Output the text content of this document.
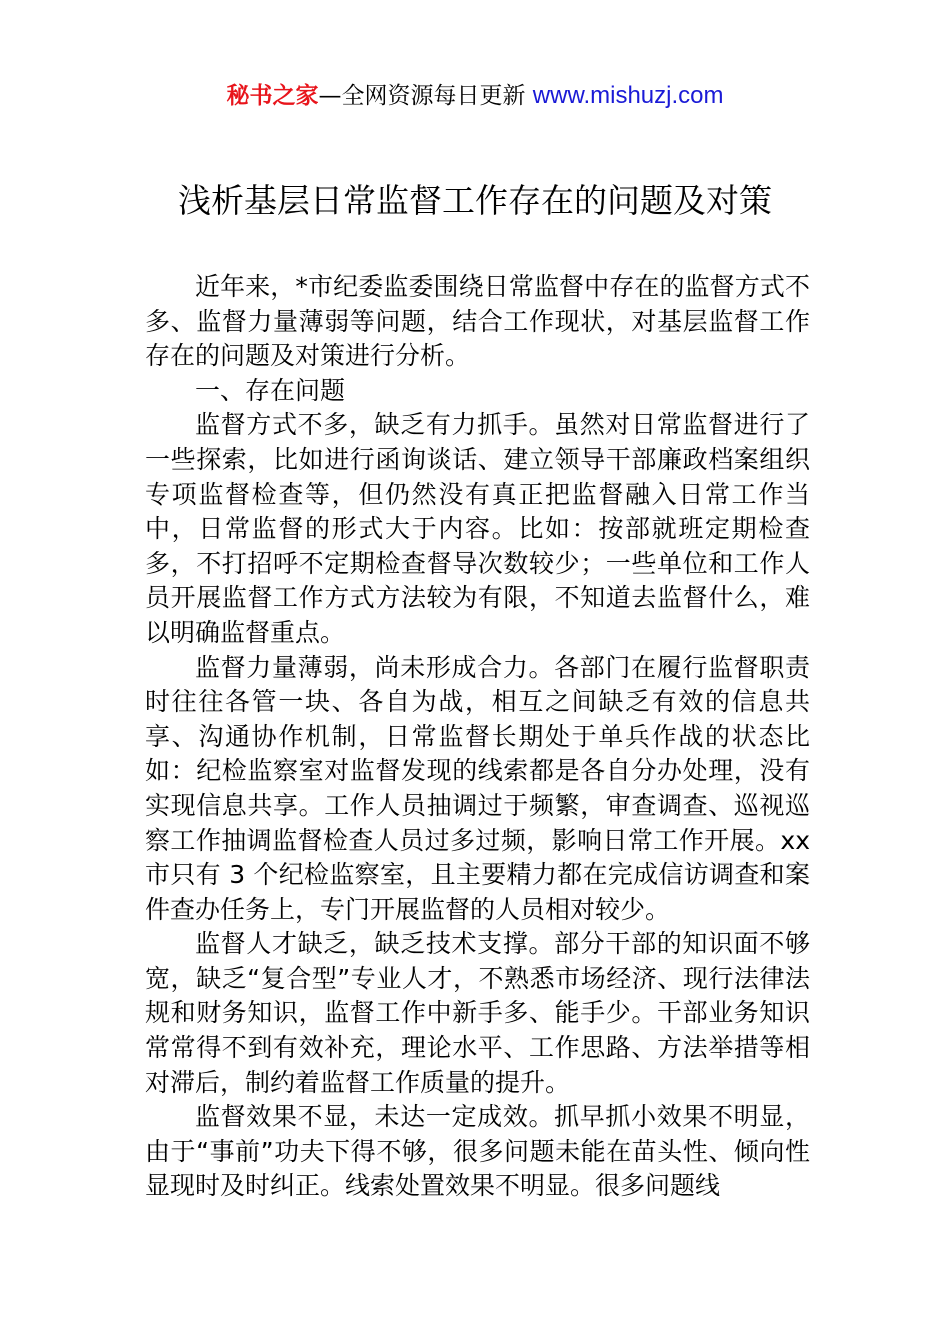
秘书之家—全网资源每日更新 www.mishuzj.com
浅析基层日常监督工作存在的问题及对策

近年来，*市纪委监委围绕日常监督中存在的监督方式不多、监督力量薄弱等问题，结合工作现状，对基层监督工作存在的问题及对策进行分析。

一、存在问题

监督方式不多，缺乏有力抓手。虽然对日常监督进行了一些探索，比如进行函询谈话、建立领导干部廉政档案组织专项监督检查等，但仍然没有真正把监督融入日常工作当中，日常监督的形式大于内容。比如：按部就班定期检查多，不打招呼不定期检查督导次数较少；一些单位和工作人员开展监督工作方式方法较为有限，不知道去监督什么，难以明确监督重点。

监督力量薄弱，尚未形成合力。各部门在履行监督职责时往往各管一块、各自为战，相互之间缺乏有效的信息共享、沟通协作机制，日常监督长期处于单兵作战的状态比如：纪检监察室对监督发现的线索都是各自分办处理，没有实现信息共享。工作人员抽调过于频繁，审查调查、巡视巡察工作抽调监督检查人员过多过频，影响日常工作开展。xx 市只有 3 个纪检监察室，且主要精力都在完成信访调查和案件查办任务上，专门开展监督的人员相对较少。

监督人才缺乏，缺乏技术支撑。部分干部的知识面不够宽，缺乏“复合型”专业人才，不熟悉市场经济、现行法律法规和财务知识，监督工作中新手多、能手少。干部业务知识常常得不到有效补充，理论水平、工作思路、方法举措等相对滞后，制约着监督工作质量的提升。

监督效果不显，未达一定成效。抓早抓小效果不明显，由于“事前”功夫下得不够，很多问题未能在苗头性、倾向性显现时及时纠正。线索处置效果不明显。很多问题线
